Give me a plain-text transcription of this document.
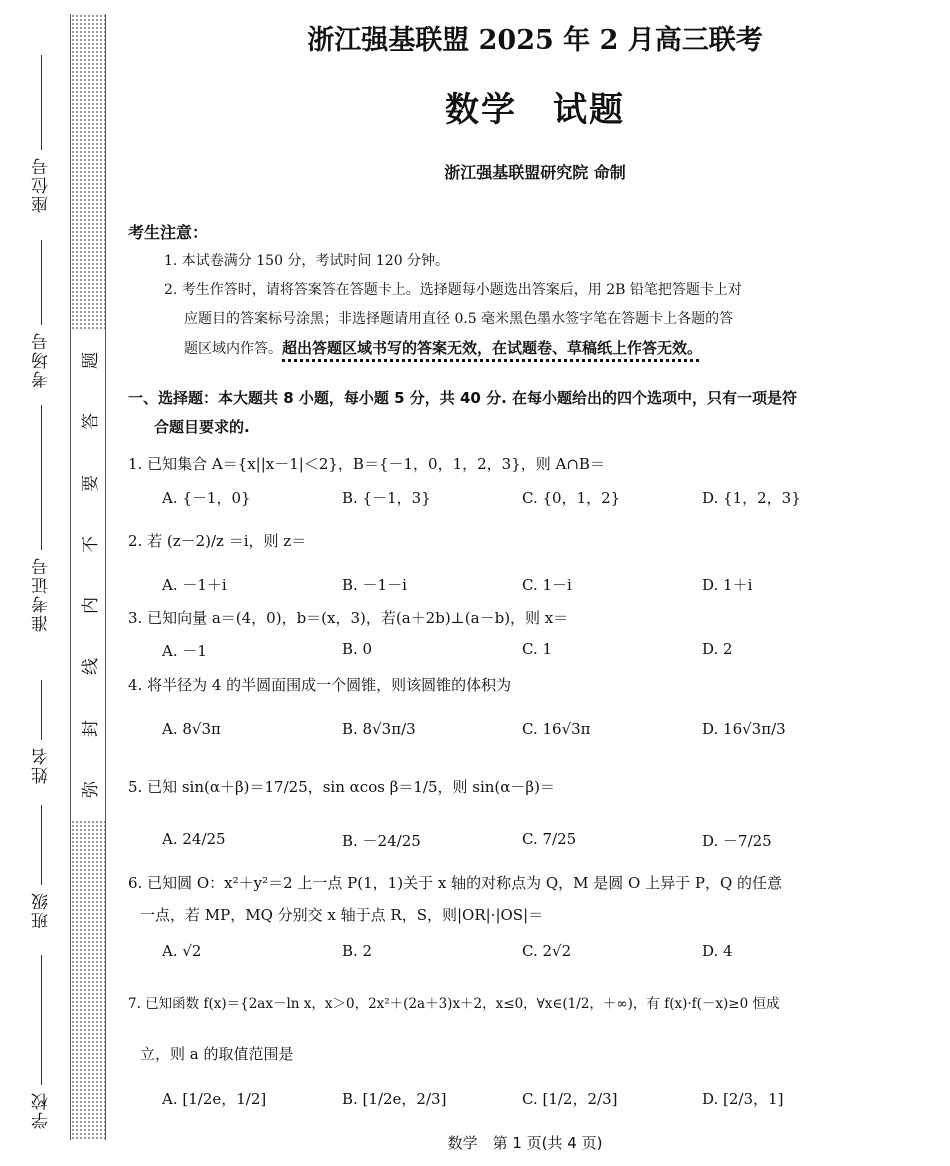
座位号
考场号
准考证号
姓名
班级
学校
题
答
要
不
内
线
封
弥
浙江强基联盟 2025 年 2 月高三联考
数学　试题
浙江强基联盟研究院 命制
考生注意：
1. 本试卷满分 150 分，考试时间 120 分钟。
2. 考生作答时，请将答案答在答题卡上。选择题每小题选出答案后，用 2B 铅笔把答题卡上对
应题目的答案标号涂黑；非选择题请用直径 0.5 毫米黑色墨水签字笔在答题卡上各题的答
题区域内作答。超出答题区域书写的答案无效，在试题卷、草稿纸上作答无效。
一、选择题：本大题共 8 小题，每小题 5 分，共 40 分. 在每小题给出的四个选项中，只有一项是符
合题目要求的.
1. 已知集合 A＝{x||x－1|＜2}，B＝{－1，0，1，2，3}，则 A∩B＝
A. {－1，0}	B. {－1，3}	C. {0，1，2}	D. {1，2，3}
2. 若 (z－2)/z ＝i，则 z＝
A. －1＋i	B. －1－i	C. 1－i	D. 1＋i
3. 已知向量 a＝(4，0)，b＝(x，3)，若(a＋2b)⊥(a－b)，则 x＝
A. －1	B. 0	C. 1	D. 2
4. 将半径为 4 的半圆面围成一个圆锥，则该圆锥的体积为
A. 8√3π	B. 8√3π/3	C. 16√3π	D. 16√3π/3
5. 已知 sin(α＋β)＝17/25，sin αcos β＝1/5，则 sin(α－β)＝
A. 24/25	B. －24/25	C. 7/25	D. －7/25
6. 已知圆 O：x²＋y²＝2 上一点 P(1，1)关于 x 轴的对称点为 Q，M 是圆 O 上异于 P，Q 的任意
一点，若 MP，MQ 分别交 x 轴于点 R，S，则|OR|·|OS|＝
A. √2	B. 2	C. 2√2	D. 4
7. 已知函数 f(x)＝{2ax－ln x，x＞0，2x²＋(2a＋3)x＋2，x≤0，∀x∈(1/2，＋∞)，有 f(x)·f(－x)≥0 恒成
立，则 a 的取值范围是
A. [1/2e，1/2]	B. [1/2e，2/3]	C. [1/2，2/3]	D. [2/3，1]
数学　第 1 页(共 4 页)
